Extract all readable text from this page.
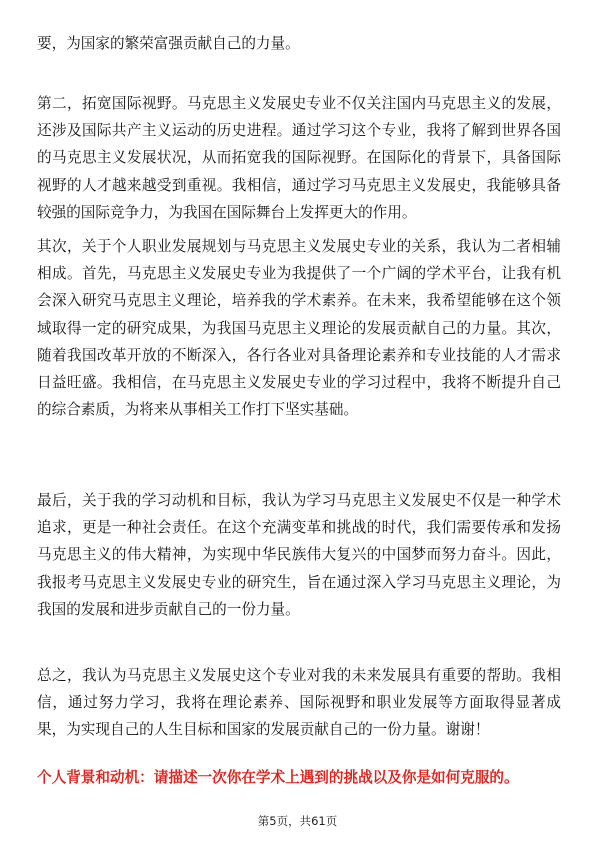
要，为国家的繁荣富强贡献自己的力量。

第二，拓宽国际视野。马克思主义发展史专业不仅关注国内马克思主义的发展，还涉及国际共产主义运动的历史进程。通过学习这个专业，我将了解到世界各国的马克思主义发展状况，从而拓宽我的国际视野。在国际化的背景下，具备国际视野的人才越来越受到重视。我相信，通过学习马克思主义发展史，我能够具备较强的国际竞争力，为我国在国际舞台上发挥更大的作用。

其次，关于个人职业发展规划与马克思主义发展史专业的关系，我认为二者相辅相成。首先，马克思主义发展史专业为我提供了一个广阔的学术平台，让我有机会深入研究马克思主义理论，培养我的学术素养。在未来，我希望能够在这个领域取得一定的研究成果，为我国马克思主义理论的发展贡献自己的力量。其次，随着我国改革开放的不断深入，各行各业对具备理论素养和专业技能的人才需求日益旺盛。我相信，在马克思主义发展史专业的学习过程中，我将不断提升自己的综合素质，为将来从事相关工作打下坚实基础。

最后，关于我的学习动机和目标，我认为学习马克思主义发展史不仅是一种学术追求，更是一种社会责任。在这个充满变革和挑战的时代，我们需要传承和发扬马克思主义的伟大精神，为实现中华民族伟大复兴的中国梦而努力奋斗。因此，我报考马克思主义发展史专业的研究生，旨在通过深入学习马克思主义理论，为我国的发展和进步贡献自己的一份力量。

总之，我认为马克思主义发展史这个专业对我的未来发展具有重要的帮助。我相信，通过努力学习，我将在理论素养、国际视野和职业发展等方面取得显著成果，为实现自己的人生目标和国家的发展贡献自己的一份力量。谢谢！

个人背景和动机：请描述一次你在学术上遇到的挑战以及你是如何克服的。

第5页，共61页
